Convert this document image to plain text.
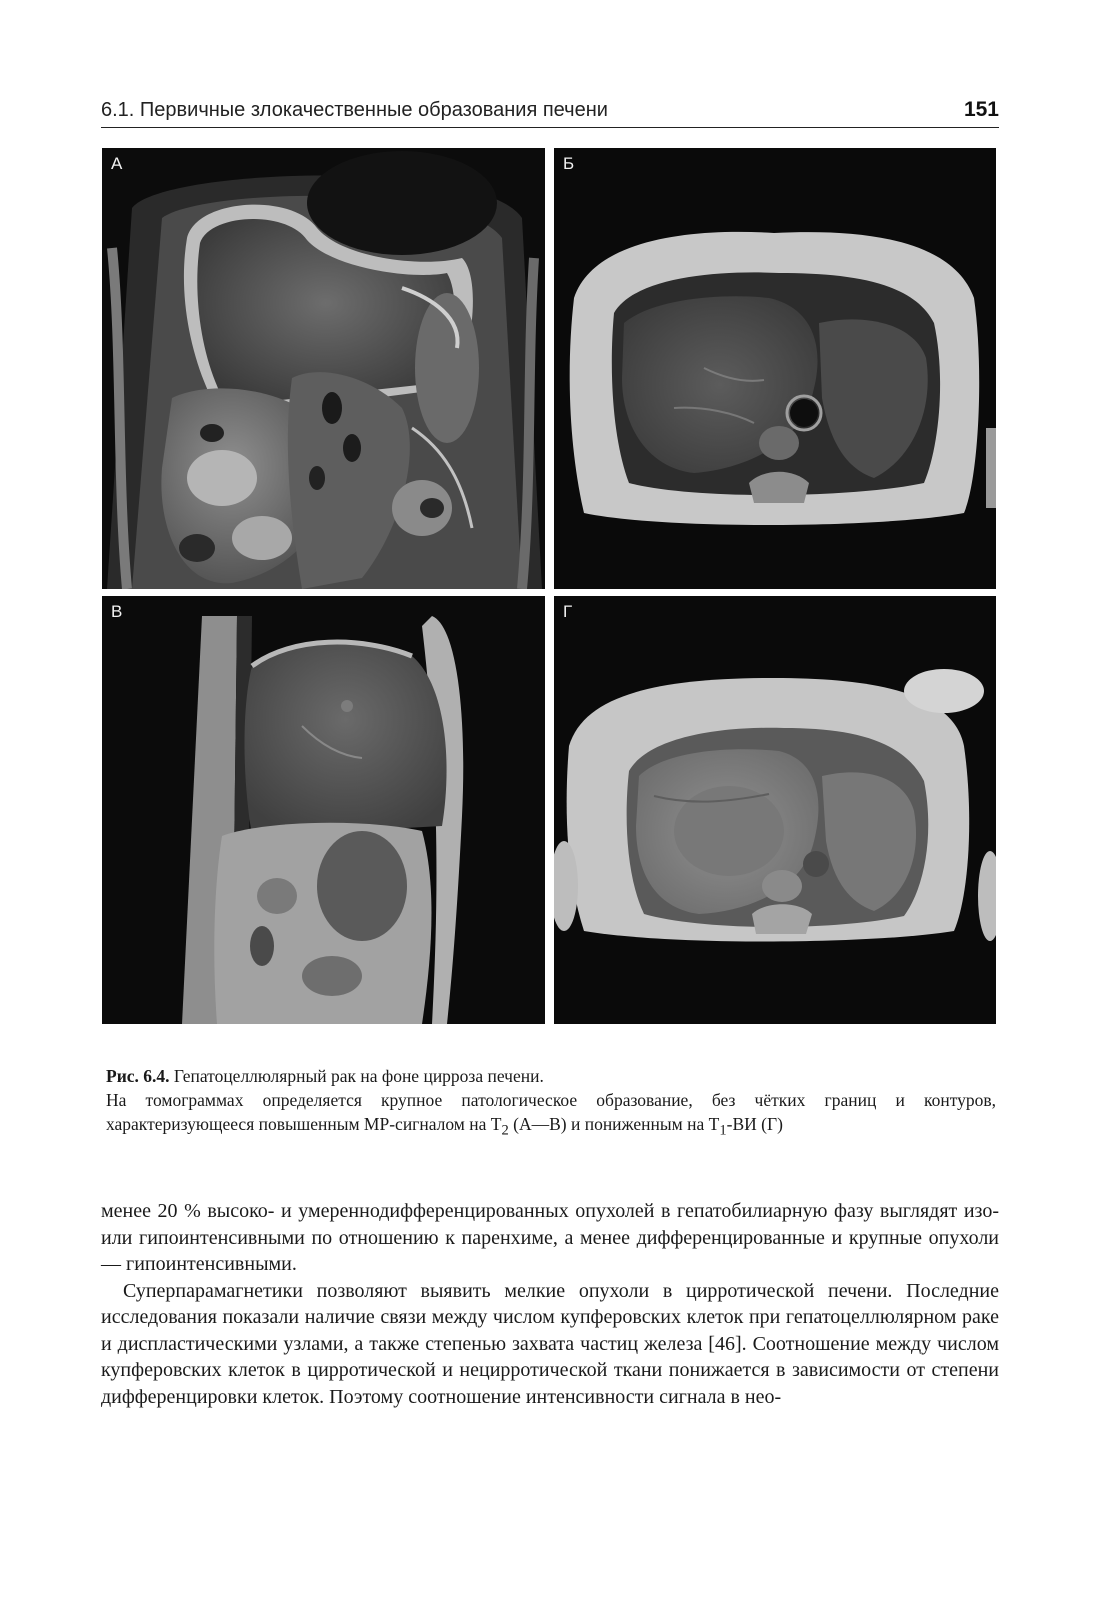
6.1. Первичные злокачественные образования печени	151
А	Б
В	Г

Рис. 6.4. Гепатоцеллюлярный рак на фоне цирроза печени.

На томограммах определяется крупное патологическое образование, без чётких границ и контуров, характеризующееся повышенным МР-сигналом на $T_2$ (А—В) и пониженным на $T_1-ВИ$ (Г)

менее 20 % высоко- и умереннодифференцированных опухолей в гепатобилиарную фазу выглядят изо- или гипоинтенсивными по отношению к паренхиме, а менее дифференцированные и крупные опухоли — гипоинтенсивными.

Суперпарамагнетики позволяют выявить мелкие опухоли в цирротической печени. Последние исследования показали наличие связи между числом купферовских клеток при гепатоцеллюлярном раке и диспластическими узлами, а также степенью захвата частиц железа [46]. Соотношение между числом купферовских клеток в цирротической и нецирротической ткани понижается в зависимости от степени дифференцировки клеток. Поэтому соотношение интенсивности сигнала в нео-
